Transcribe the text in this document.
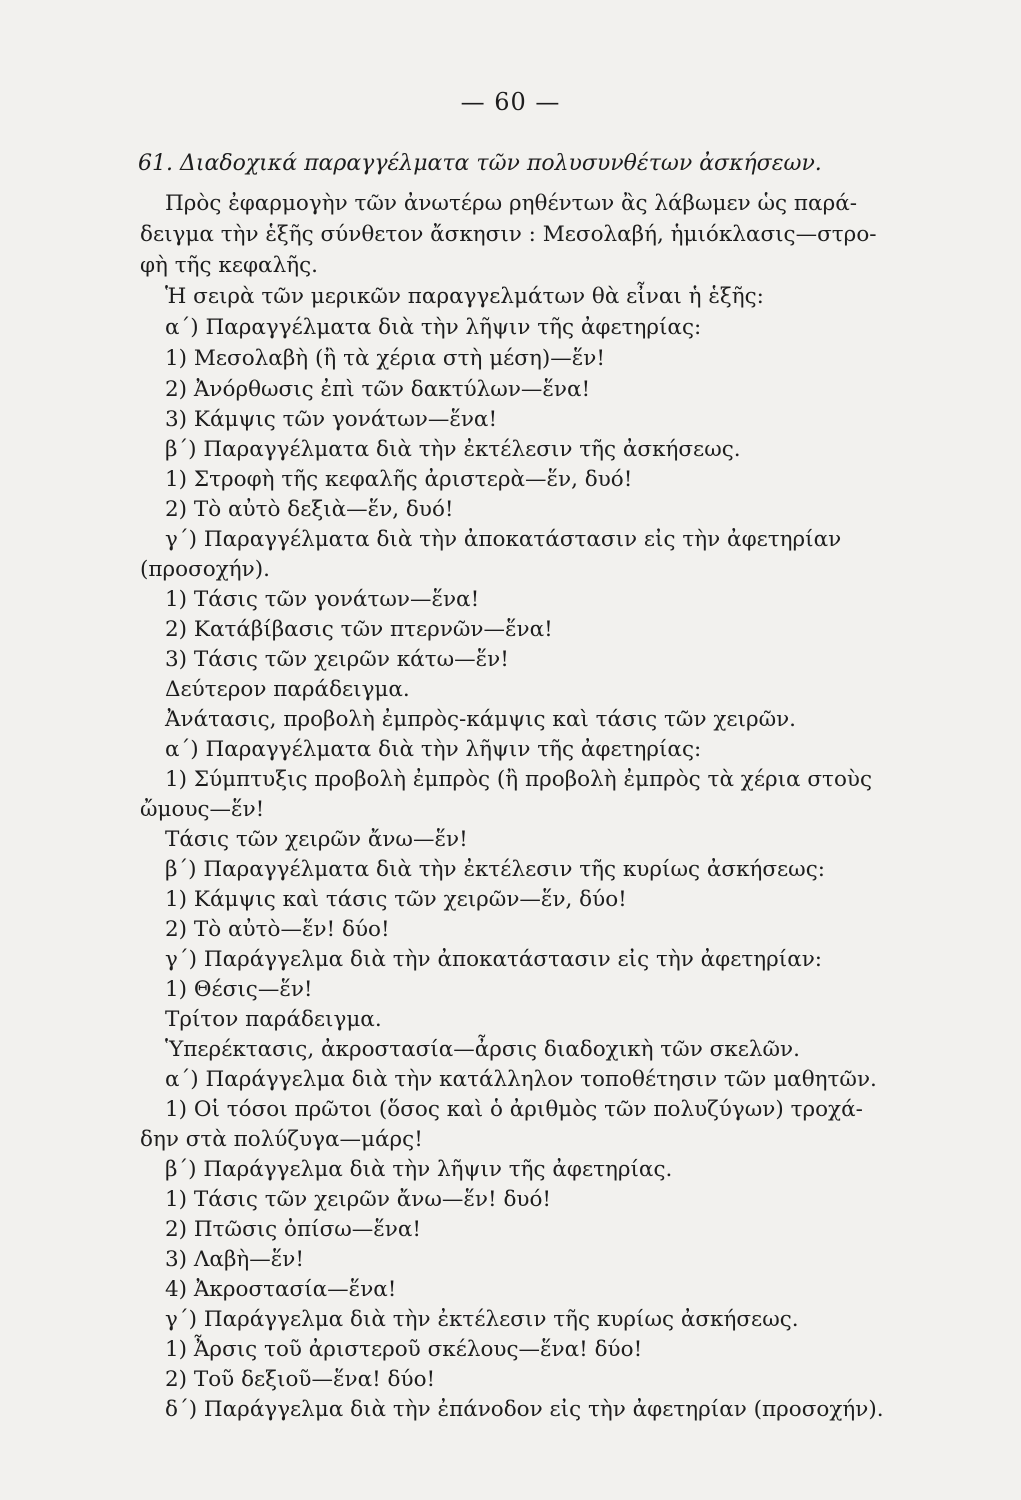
— 60 —
61. Διαδοχικά παραγγέλματα τῶν πολυσυνθέτων ἀσκήσεων.
Πρὸς ἐφαρμογὴν τῶν ἀνωτέρω ρηθέντων ἂς λάβωμεν ὡς παρά-
δειγμα τὴν ἑξῆς σύνθετον ἄσκησιν : Μεσολαβή, ἡμιόκλασις—στρο-
φὴ τῆς κεφαλῆς.
Ἡ σειρὰ τῶν μερικῶν παραγγελμάτων θὰ εἶναι ἡ ἑξῆς:
α΄) Παραγγέλματα διὰ τὴν λῆψιν τῆς ἀφετηρίας:
1) Μεσολαβὴ (ἢ τὰ χέρια στὴ μέση)—ἕν!
2) Ἀνόρθωσις ἐπὶ τῶν δακτύλων—ἕνα!
3) Κάμψις τῶν γονάτων—ἕνα!
β΄) Παραγγέλματα διὰ τὴν ἐκτέλεσιν τῆς ἀσκήσεως.
1) Στροφὴ τῆς κεφαλῆς ἀριστερὰ—ἕν, δυό!
2) Τὸ αὐτὸ δεξιὰ—ἕν, δυό!
γ΄) Παραγγέλματα διὰ τὴν ἀποκατάστασιν εἰς τὴν ἀφετηρίαν
(προσοχήν).
1) Τάσις τῶν γονάτων—ἕνα!
2) Κατάβίβασις τῶν πτερνῶν—ἕνα!
3) Τάσις τῶν χειρῶν κάτω—ἕν!
Δεύτερον παράδειγμα.
Ἀνάτασις, προβολὴ ἐμπρὸς-κάμψις καὶ τάσις τῶν χειρῶν.
α΄) Παραγγέλματα διὰ τὴν λῆψιν τῆς ἀφετηρίας:
1) Σύμπτυξις προβολὴ ἐμπρὸς (ἢ προβολὴ ἐμπρὸς τὰ χέρια στοὺς
ὤμους—ἕν!
Τάσις τῶν χειρῶν ἄνω—ἕν!
β΄) Παραγγέλματα διὰ τὴν ἐκτέλεσιν τῆς κυρίως ἀσκήσεως:
1) Κάμψις καὶ τάσις τῶν χειρῶν—ἕν, δύο!
2) Τὸ αὐτὸ—ἕν! δύο!
γ΄) Παράγγελμα διὰ τὴν ἀποκατάστασιν εἰς τὴν ἀφετηρίαν:
1) Θέσις—ἕν!
Τρίτον παράδειγμα.
Ὑπερέκτασις, ἀκροστασία—ἆρσις διαδοχικὴ τῶν σκελῶν.
α΄) Παράγγελμα διὰ τὴν κατάλληλον τοποθέτησιν τῶν μαθητῶν.
1) Οἱ τόσοι πρῶτοι (ὅσος καὶ ὁ ἀριθμὸς τῶν πολυζύγων) τροχά-
δην στὰ πολύζυγα—μάρς!
β΄) Παράγγελμα διὰ τὴν λῆψιν τῆς ἀφετηρίας.
1) Τάσις τῶν χειρῶν ἄνω—ἕν! δυό!
2) Πτῶσις ὀπίσω—ἕνα!
3) Λαβὴ—ἕν!
4) Ἀκροστασία—ἕνα!
γ΄) Παράγγελμα διὰ τὴν ἐκτέλεσιν τῆς κυρίως ἀσκήσεως.
1) Ἆρσις τοῦ ἀριστεροῦ σκέλους—ἕνα! δύο!
2) Τοῦ δεξιοῦ—ἕνα! δύο!
δ΄) Παράγγελμα διὰ τὴν ἐπάνοδον εἰς τὴν ἀφετηρίαν (προσοχήν).
